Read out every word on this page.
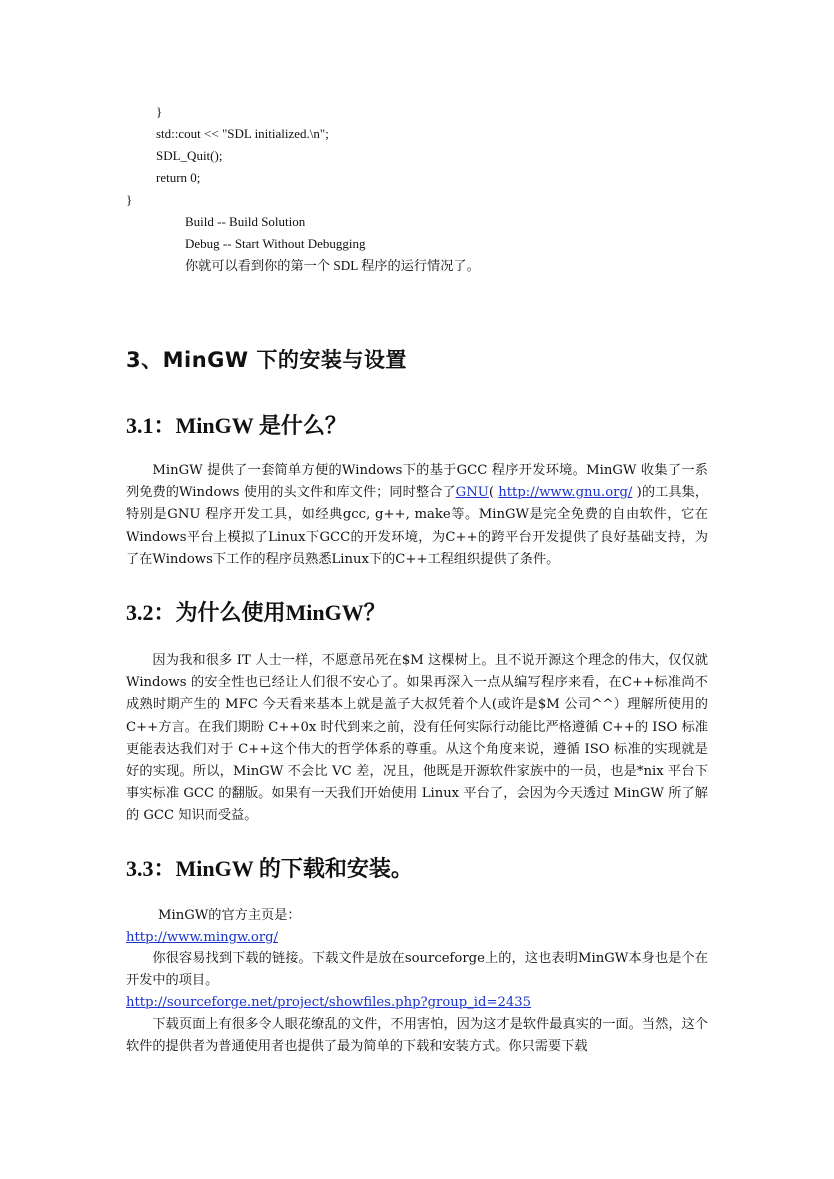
}
std::cout << "SDL initialized.\n";
SDL_Quit();
return 0;
}
Build -- Build Solution
Debug -- Start Without Debugging
你就可以看到你的第一个 SDL 程序的运行情况了。
3、MinGW 下的安装与设置
3.1：MinGW 是什么？
MinGW 提供了一套简单方便的Windows下的基于GCC 程序开发环境。MinGW 收集了一系列免费的Windows 使用的头文件和库文件；同时整合了GNU( http://www.gnu.org/ )的工具集，特别是GNU 程序开发工具，如经典gcc, g++, make等。MinGW是完全免费的自由软件，它在Windows平台上模拟了Linux下GCC的开发环境，为C++的跨平台开发提供了良好基础支持，为了在Windows下工作的程序员熟悉Linux下的C++工程组织提供了条件。
3.2：为什么使用MinGW？
因为我和很多 IT 人士一样，不愿意吊死在$M 这棵树上。且不说开源这个理念的伟大，仅仅就 Windows 的安全性也已经让人们很不安心了。如果再深入一点从编写程序来看，在C++标准尚不成熟时期产生的 MFC 今天看来基本上就是盖子大叔凭着个人(或许是$M 公司^^）理解所使用的 C++方言。在我们期盼 C++0x 时代到来之前，没有任何实际行动能比严格遵循 C++的 ISO 标准更能表达我们对于 C++这个伟大的哲学体系的尊重。从这个角度来说，遵循 ISO 标准的实现就是好的实现。所以，MinGW 不会比 VC 差，况且，他既是开源软件家族中的一员，也是*nix 平台下事实标准 GCC 的翻版。如果有一天我们开始使用 Linux 平台了，会因为今天透过 MinGW 所了解的 GCC 知识而受益。
3.3：MinGW 的下载和安装。
MinGW的官方主页是：
http://www.mingw.org/
你很容易找到下载的链接。下载文件是放在sourceforge上的，这也表明MinGW本身也是个在开发中的项目。
http://sourceforge.net/project/showfiles.php?group_id=2435
下载页面上有很多令人眼花缭乱的文件，不用害怕，因为这才是软件最真实的一面。当然，这个软件的提供者为普通使用者也提供了最为简单的下载和安装方式。你只需要下载
